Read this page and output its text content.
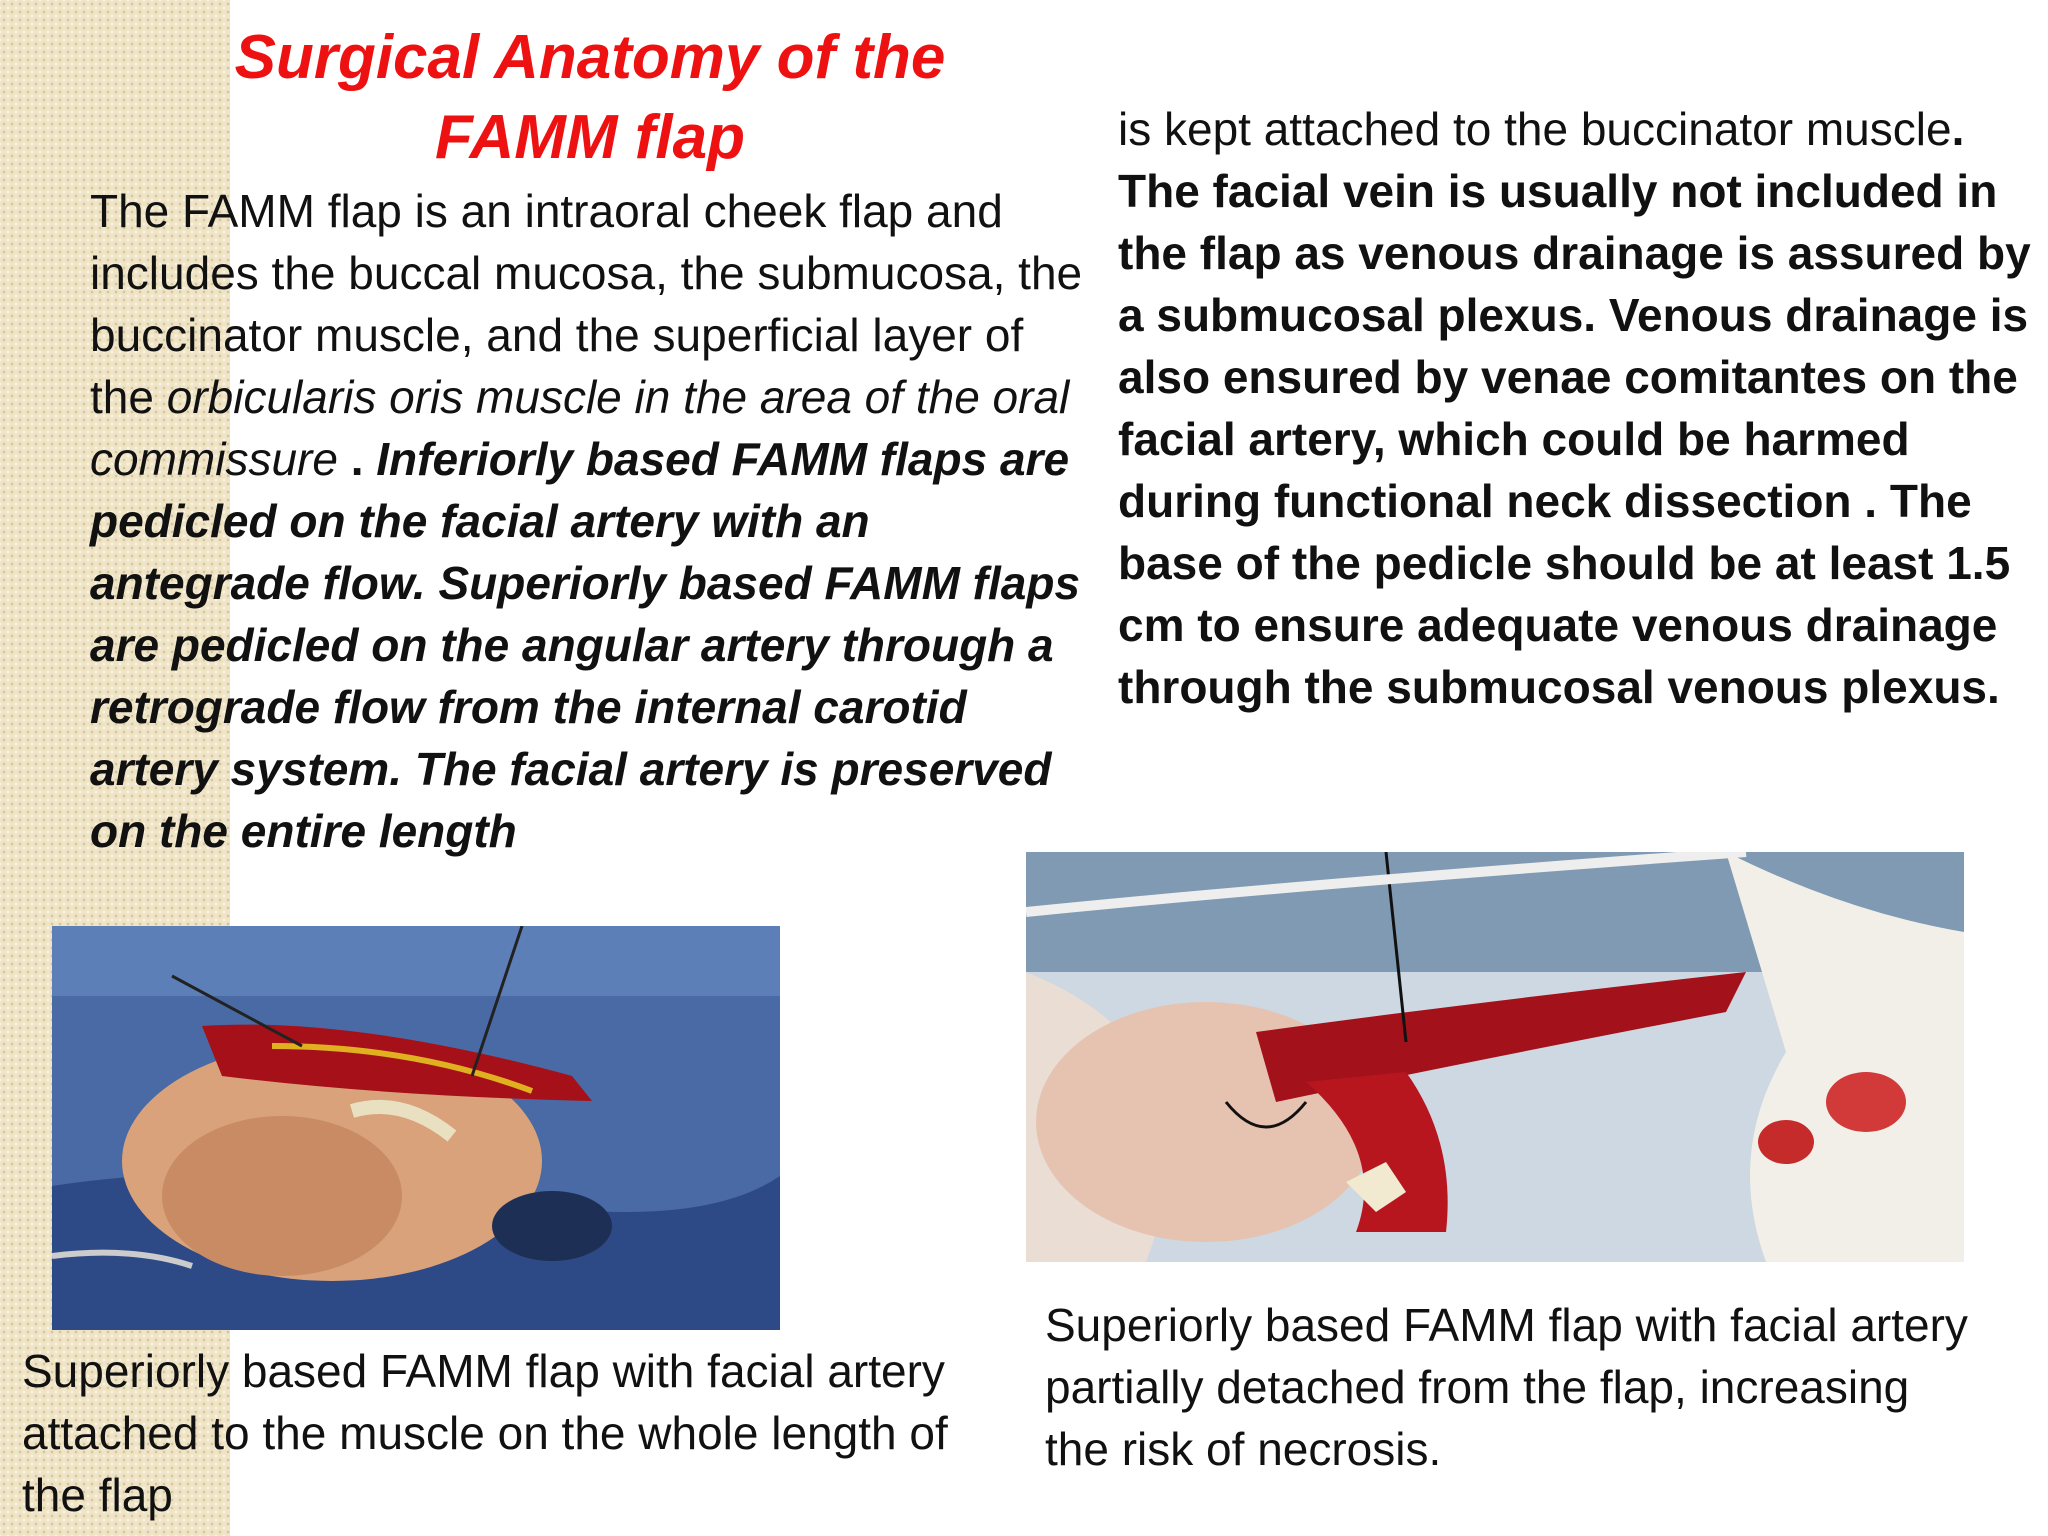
Surgical Anatomy of the
FAMM flap

The FAMM flap is an intraoral cheek flap and includes the buccal mucosa, the submucosa, the buccinator muscle, and the superficial layer of the orbicularis oris muscle in the area of the oral commissure . Inferiorly based FAMM flaps are pedicled on the facial artery with an antegrade flow. Superiorly based FAMM flaps are pedicled on the angular artery through a retrograde flow from the internal carotid artery system. The facial artery is preserved on the entire length

is kept attached to the buccinator muscle. The facial vein is usually not included in the flap as venous drainage is assured by a submucosal plexus. Venous drainage is also ensured by venae comitantes on the facial artery, which could be harmed during functional neck dissection . The base of the pedicle should be at least 1.5 cm to ensure adequate venous drainage through the submucosal venous plexus.

Superiorly based FAMM flap with facial artery attached to the muscle on the whole length of the flap

Superiorly based FAMM flap with facial artery partially detached from the flap, increasing the risk of necrosis.
